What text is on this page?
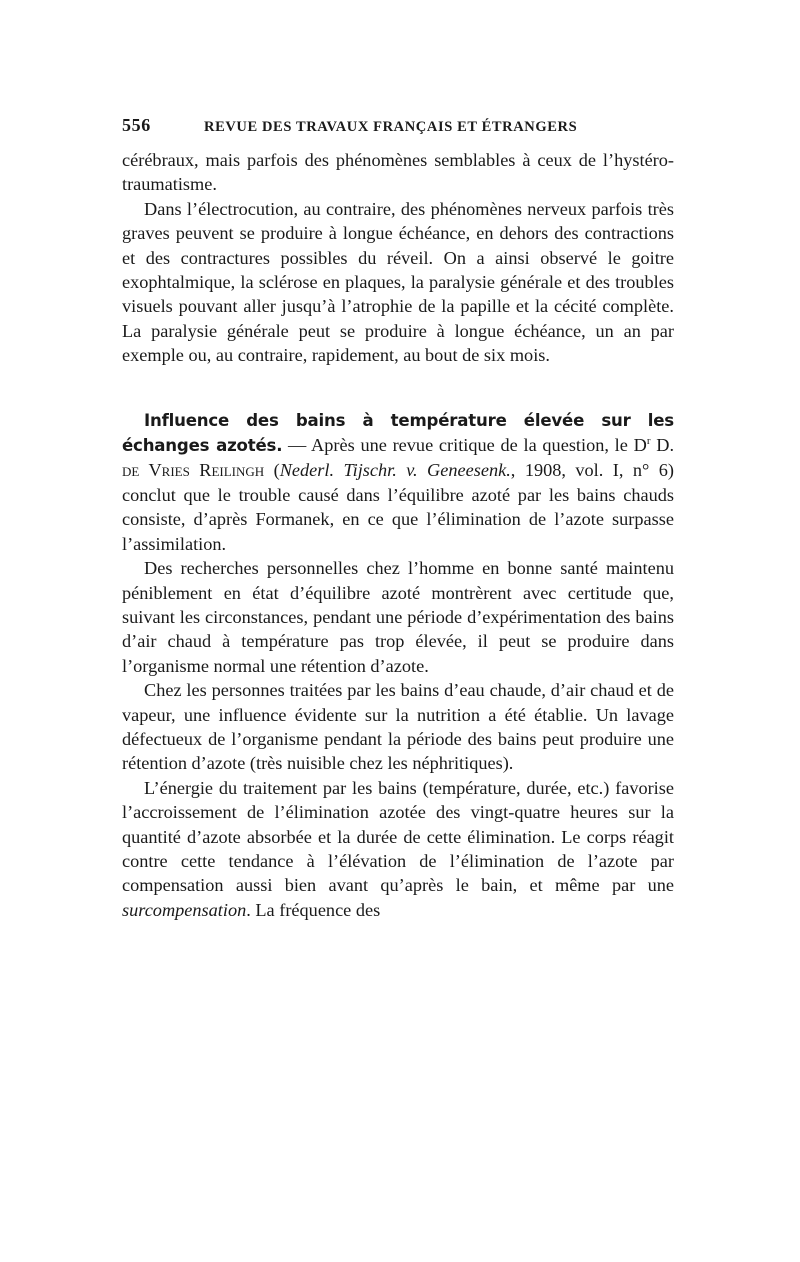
556	REVUE DES TRAVAUX FRANÇAIS ET ÉTRANGERS

cérébraux, mais parfois des phénomènes semblables à ceux de l’hystéro-traumatisme.

Dans l’électrocution, au contraire, des phénomènes nerveux parfois très graves peuvent se produire à longue échéance, en dehors des contractions et des contractures possibles du réveil. On a ainsi observé le goitre exophtalmique, la sclérose en plaques, la paralysie générale et des troubles visuels pouvant aller jusqu’à l’atrophie de la papille et la cécité complète. La paralysie générale peut se produire à longue échéance, un an par exemple ou, au contraire, rapidement, au bout de six mois.

Influence des bains à température élevée sur les échanges azotés. — Après une revue critique de la question, le $D^r$ D. de Vries Reilingh (Nederl. Tijschr. v. Geneesenk., 1908, vol. I, n° 6) conclut que le trouble causé dans l’équilibre azoté par les bains chauds consiste, d’après Formanek, en ce que l’élimination de l’azote surpasse l’assimilation.

Des recherches personnelles chez l’homme en bonne santé maintenu péniblement en état d’équilibre azoté montrèrent avec certitude que, suivant les circonstances, pendant une période d’expérimentation des bains d’air chaud à température pas trop élevée, il peut se produire dans l’organisme normal une rétention d’azote.

Chez les personnes traitées par les bains d’eau chaude, d’air chaud et de vapeur, une influence évidente sur la nutrition a été établie. Un lavage défectueux de l’organisme pendant la période des bains peut produire une rétention d’azote (très nuisible chez les néphritiques).

L’énergie du traitement par les bains (température, durée, etc.) favorise l’accroissement de l’élimination azotée des vingt-quatre heures sur la quantité d’azote absorbée et la durée de cette élimination. Le corps réagit contre cette tendance à l’élévation de l’élimination de l’azote par compensation aussi bien avant qu’après le bain, et même par une surcompensation. La fréquence des
